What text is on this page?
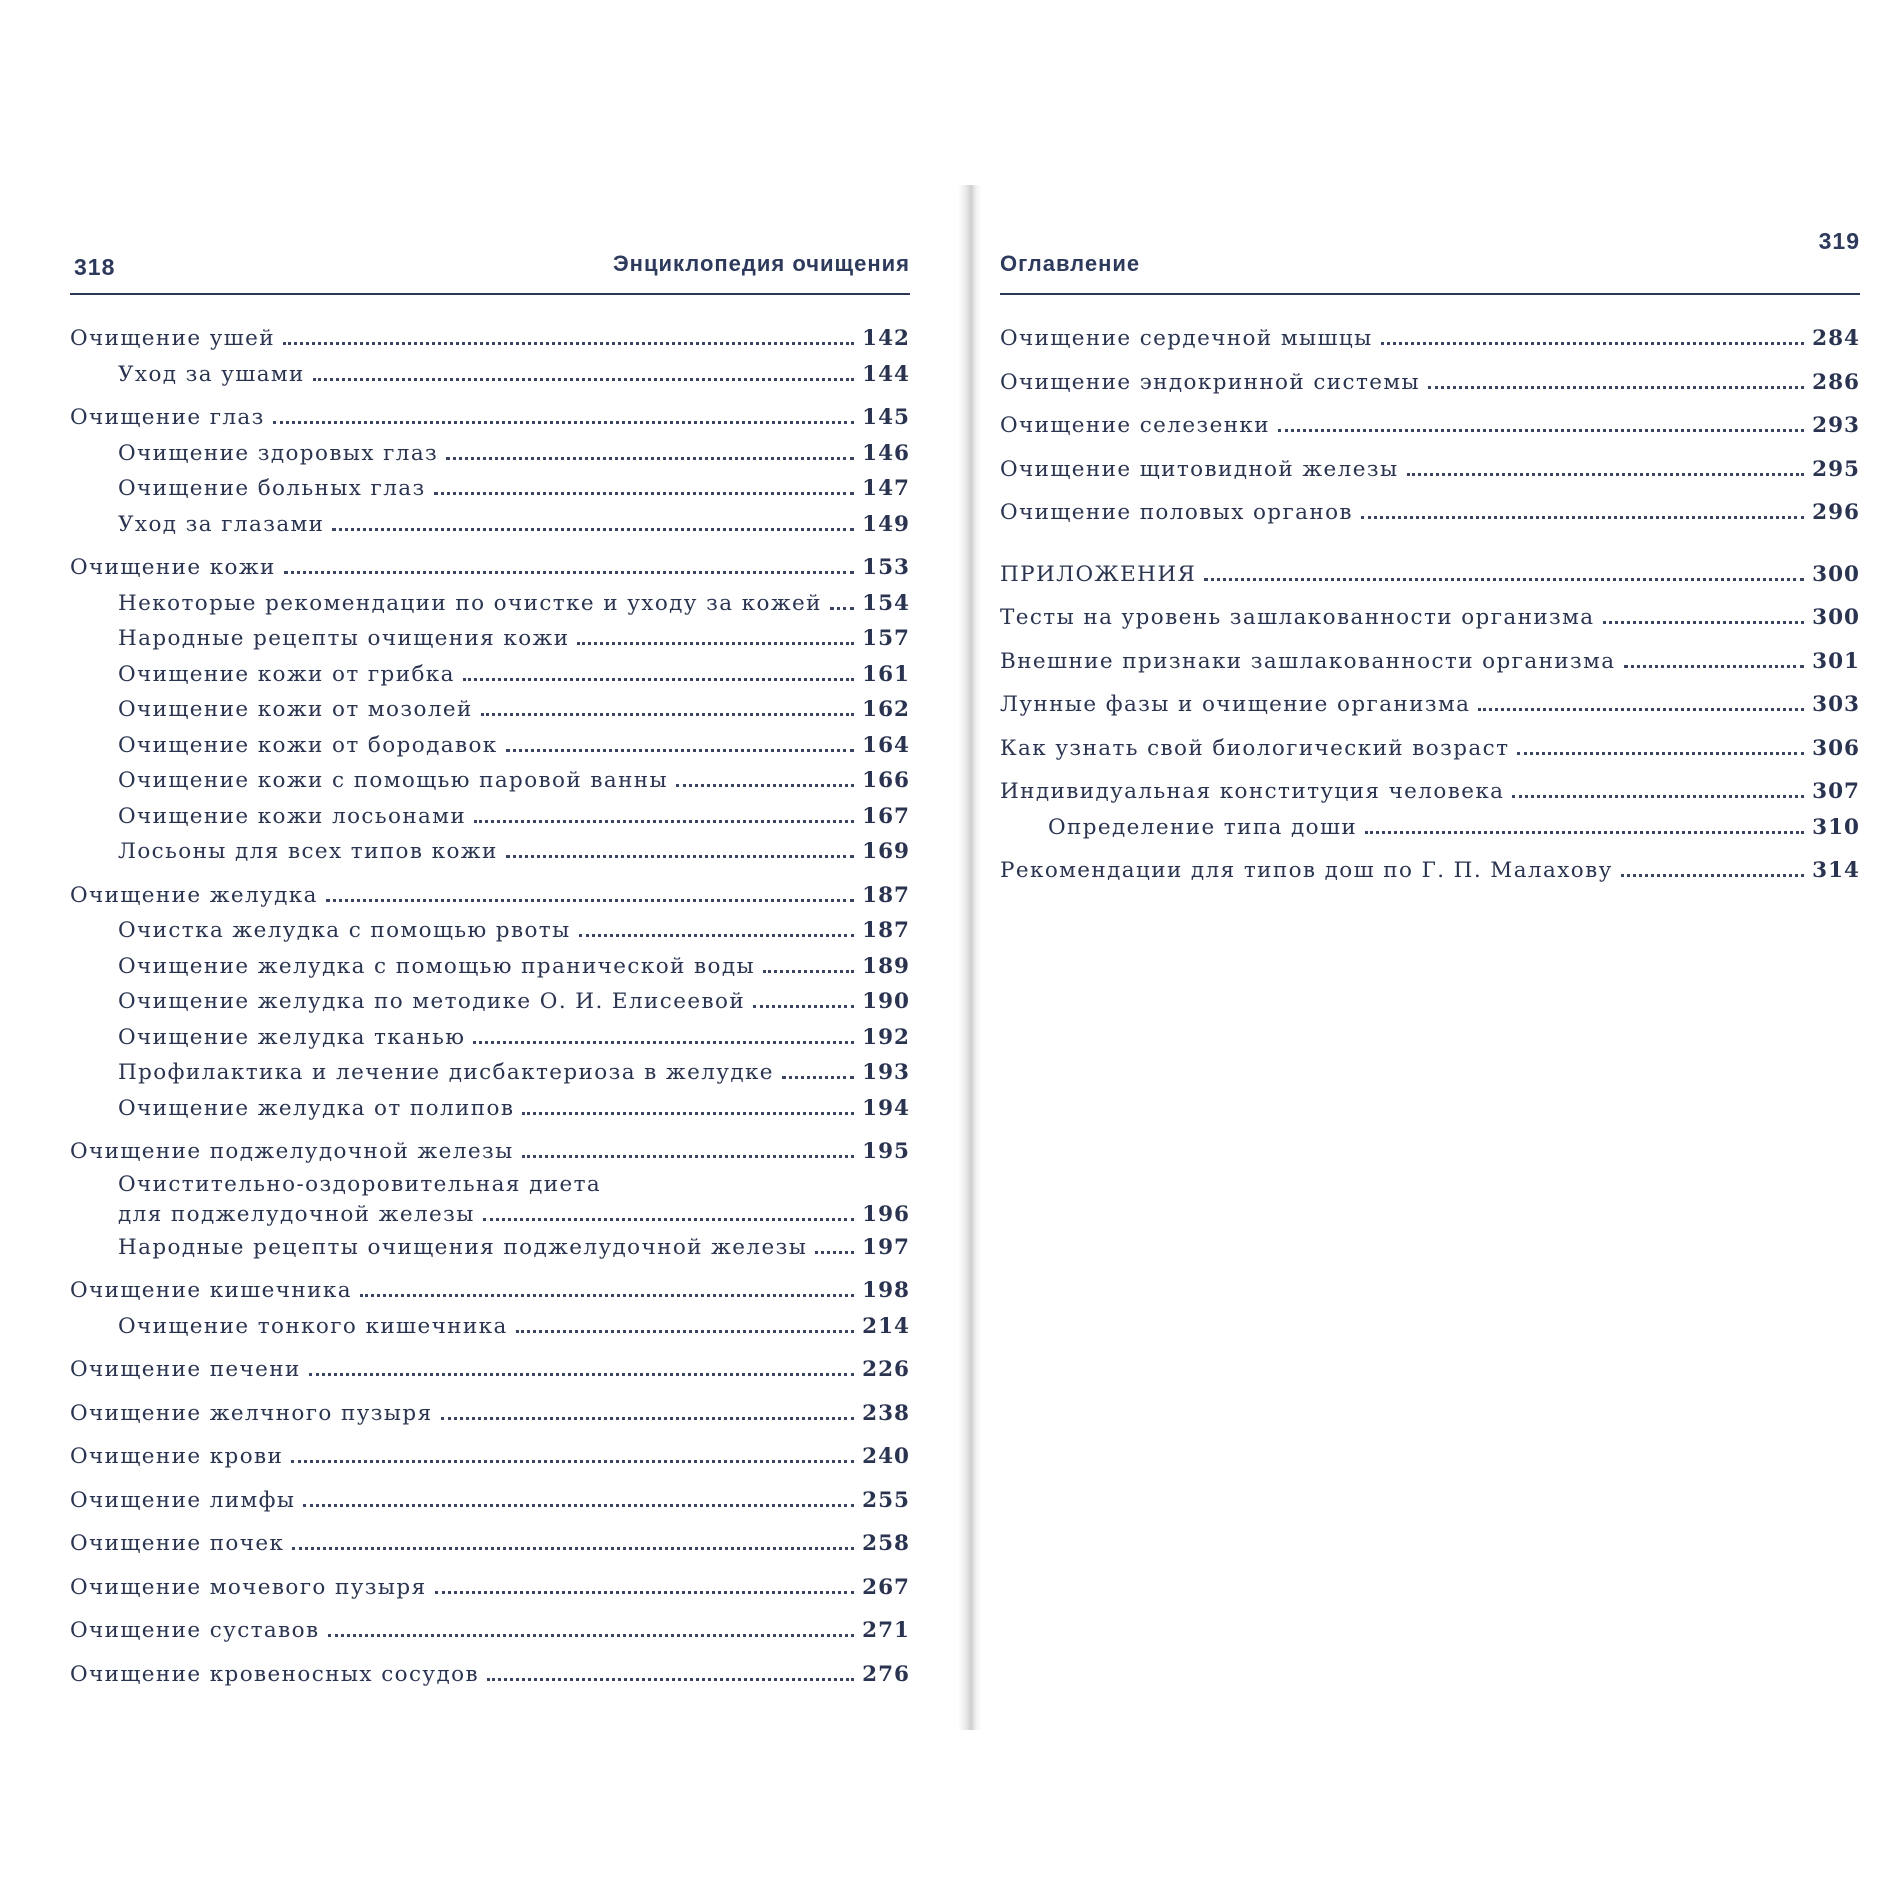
318	Энциклопедия очищения
Очищение ушей	142
Уход за ушами	144
Очищение глаз	145
Очищение здоровых глаз	146
Очищение больных глаз	147
Уход за глазами	149
Очищение кожи	153
Некоторые рекомендации по очистке и уходу за кожей 154
Народные рецепты очищения кожи	157
Очищение кожи от грибка	161
Очищение кожи от мозолей	162
Очищение кожи от бородавок	164
Очищение кожи с помощью паровой ванны	166
Очищение кожи лосьонами	167
Лосьоны для всех типов кожи	169
Очищение желудка	187
Очистка желудка с помощью рвоты	187
Очищение желудка с помощью пранической воды	189
Очищение желудка по методике О. И. Елисеевой	190
Очищение желудка тканью	192
Профилактика и лечение дисбактериоза в желудке	193
Очищение желудка от полипов	194
Очищение поджелудочной железы	195
Очистительно-оздоровительная диета
для поджелудочной железы	196
Народные рецепты очищения поджелудочной железы	197
Очищение кишечника	198
Очищение тонкого кишечника	214
Очищение печени	226
Очищение желчного пузыря	238
Очищение крови	240
Очищение лимфы	255
Очищение почек	258
Очищение мочевого пузыря	267
Очищение суставов	271
Очищение кровеносных сосудов	276
Оглавление
319
Очищение сердечной мышцы	284
Очищение эндокринной системы	286
Очищение селезенки	293
Очищение щитовидной железы	295
Очищение половых органов	296
ПРИЛОЖЕНИЯ	300
Тесты на уровень зашлакованности организма	300
Внешние признаки зашлакованности организма	301
Лунные фазы и очищение организма	303
Как узнать свой биологический возраст	306
Индивидуальная конституция человека	307
Определение типа доши	310
Рекомендации для типов дош по Г. П. Малахову	314
